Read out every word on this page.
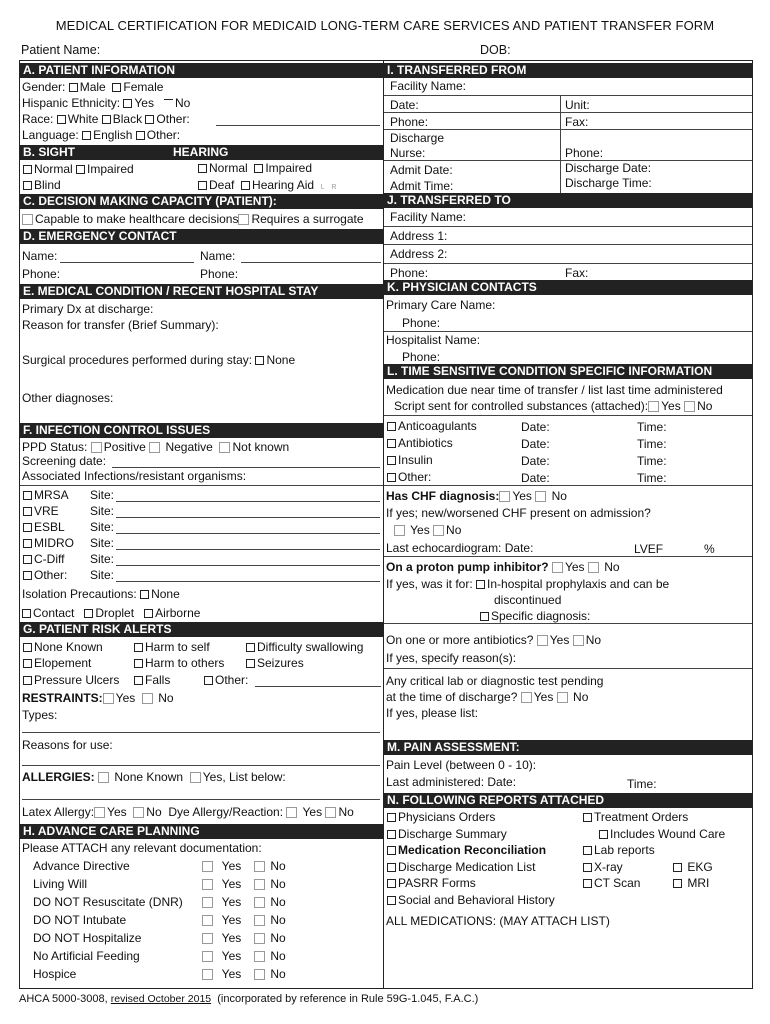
MEDICAL CERTIFICATION FOR MEDICAID LONG-TERM CARE SERVICES AND PATIENT TRANSFER FORM
Patient Name:	DOB:
A. PATIENT INFORMATION
Gender: Male Female
Hispanic Ethnicity: Yes No
Race: White Black Other:
Language: English Other:
B. SIGHT	HEARING
Normal Impaired	Normal Impaired
Blind	Deaf Hearing Aid L R
C. DECISION MAKING CAPACITY (PATIENT):
Capable to make healthcare decisions Requires a surrogate
D. EMERGENCY CONTACT
Name:	Name:
Phone:	Phone:
E. MEDICAL CONDITION / RECENT HOSPITAL STAY
Primary Dx at discharge:
Reason for transfer (Brief Summary):
Surgical procedures performed during stay: None
Other diagnoses:
F. INFECTION CONTROL ISSUES
PPD Status: Positive Negative Not known
Screening date:
Associated Infections/resistant organisms:
MRSA Site:
VRE	Site:
ESBL Site:
MIDRO Site:
C-Diff Site:
Other: Site:
Isolation Precautions: None
Contact Droplet Airborne
G. PATIENT RISK ALERTS
None Known	Harm to self	Difficulty swallowing
Elopement	Harm to others	Seizures
Pressure Ulcers	Falls	Other:
RESTRAINTS: Yes No
Types:
Reasons for use:
ALLERGIES: None Known Yes, List below:
Latex Allergy: Yes No Dye Allergy/Reaction: Yes No
H. ADVANCE CARE PLANNING
Please ATTACH any relevant documentation:
Advance Directive	Yes	No
Living Will	Yes	No
DO NOT Resuscitate (DNR)	Yes	No
DO NOT Intubate	Yes	No
DO NOT Hospitalize	Yes	No
No Artificial Feeding	Yes	No
Hospice	Yes	No
I. TRANSFERRED FROM
Facility Name:
Date:	Unit:
Phone:	Fax:
Discharge
Nurse:	Phone:
Admit Date:	Discharge Date:
Admit Time:	Discharge Time:
J. TRANSFERRED TO
Facility Name:
Address 1:
Address 2:
Phone:	Fax:
K. PHYSICIAN CONTACTS
Primary Care Name:
Phone:
Hospitalist Name:
Phone:
L. TIME SENSITIVE CONDITION SPECIFIC INFORMATION
Medication due near time of transfer / list last time administered
Script sent for controlled substances (attached): Yes No
Anticoagulants	Date:	Time:
Antibiotics	Date:	Time:
Insulin	Date:	Time:
Other:	Date:	Time:
Has CHF diagnosis: Yes No
If yes; new/worsened CHF present on admission?
Yes No
Last echocardiogram: Date:	LVEF	%
On a proton pump inhibitor? Yes No
If yes, was it for: In-hospital prophylaxis and can be
discontinued
Specific diagnosis:
On one or more antibiotics? Yes No
If yes, specify reason(s):
Any critical lab or diagnostic test pending
at the time of discharge? Yes No
If yes, please list:
M. PAIN ASSESSMENT:
Pain Level (between 0 - 10):
Last administered: Date:	Time:
N. FOLLOWING REPORTS ATTACHED
Physicians Orders	Treatment Orders
Discharge Summary	Includes Wound Care
Medication Reconciliation	Lab reports
Discharge Medication List	X-ray	EKG
PASRR Forms	CT Scan	MRI
Social and Behavioral History
ALL MEDICATIONS: (MAY ATTACH LIST)
AHCA 5000-3008, revised October 2015 (incorporated by reference in Rule 59G-1.045, F.A.C.)
